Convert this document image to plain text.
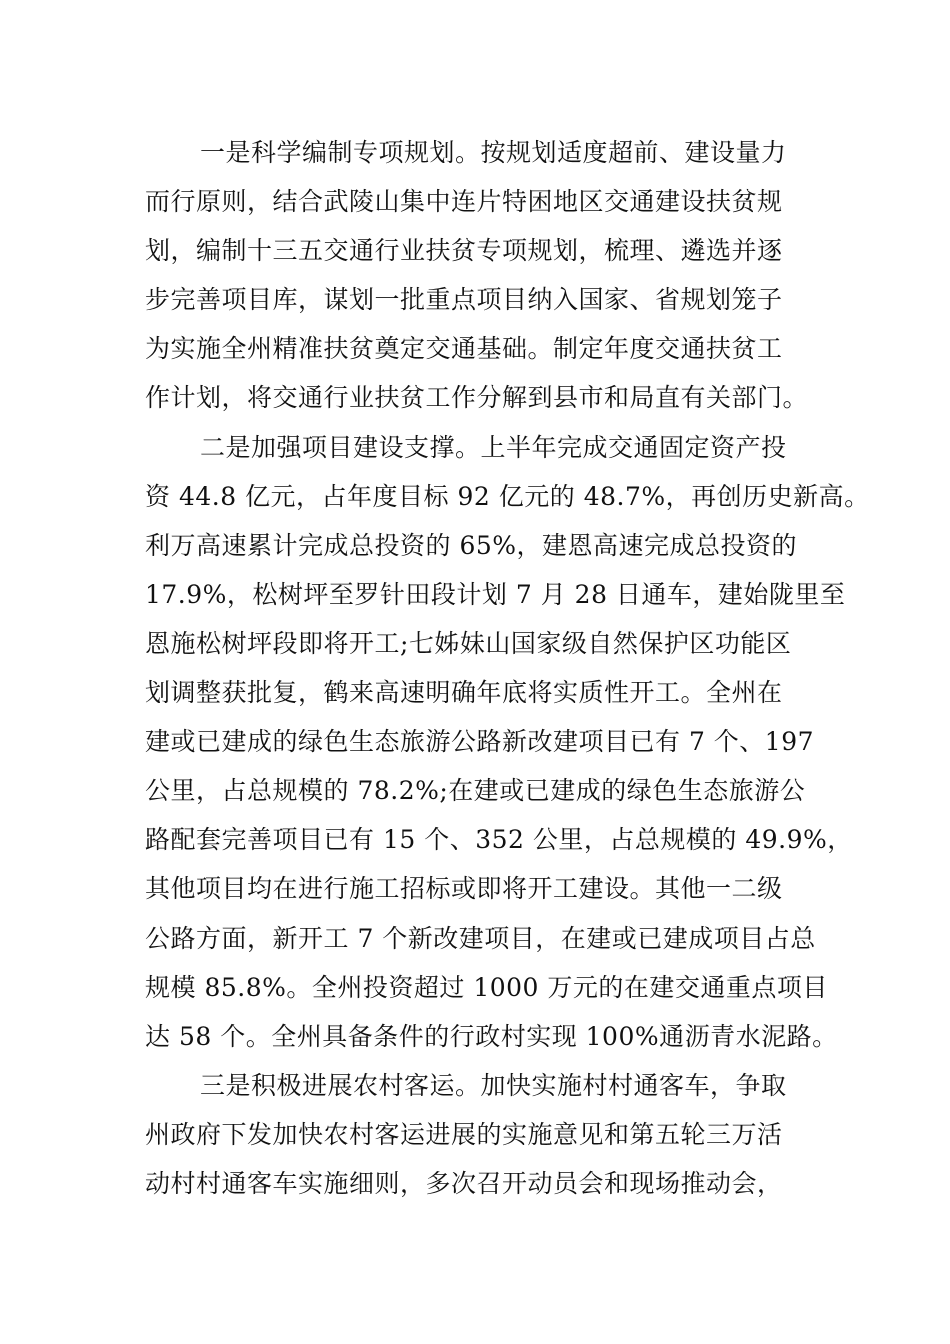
一是科学编制专项规划。按规划适度超前、建设量力
而行原则，结合武陵山集中连片特困地区交通建设扶贫规
划，编制十三五交通行业扶贫专项规划，梳理、遴选并逐
步完善项目库，谋划一批重点项目纳入国家、省规划笼子
为实施全州精准扶贫奠定交通基础。制定年度交通扶贫工
作计划，将交通行业扶贫工作分解到县市和局直有关部门。
二是加强项目建设支撑。上半年完成交通固定资产投
资 44.8 亿元，占年度目标 92 亿元的 48.7%，再创历史新高。
利万高速累计完成总投资的 65%，建恩高速完成总投资的
17.9%，松树坪至罗针田段计划 7 月 28 日通车，建始陇里至
恩施松树坪段即将开工;七姊妹山国家级自然保护区功能区
划调整获批复，鹤来高速明确年底将实质性开工。全州在
建或已建成的绿色生态旅游公路新改建项目已有 7 个、197
公里，占总规模的 78.2%;在建或已建成的绿色生态旅游公
路配套完善项目已有 15 个、352 公里，占总规模的 49.9%，
其他项目均在进行施工招标或即将开工建设。其他一二级
公路方面，新开工 7 个新改建项目，在建或已建成项目占总
规模 85.8%。全州投资超过 1000 万元的在建交通重点项目
达 58 个。全州具备条件的行政村实现 100%通沥青水泥路。
三是积极进展农村客运。加快实施村村通客车，争取
州政府下发加快农村客运进展的实施意见和第五轮三万活
动村村通客车实施细则，多次召开动员会和现场推动会，
